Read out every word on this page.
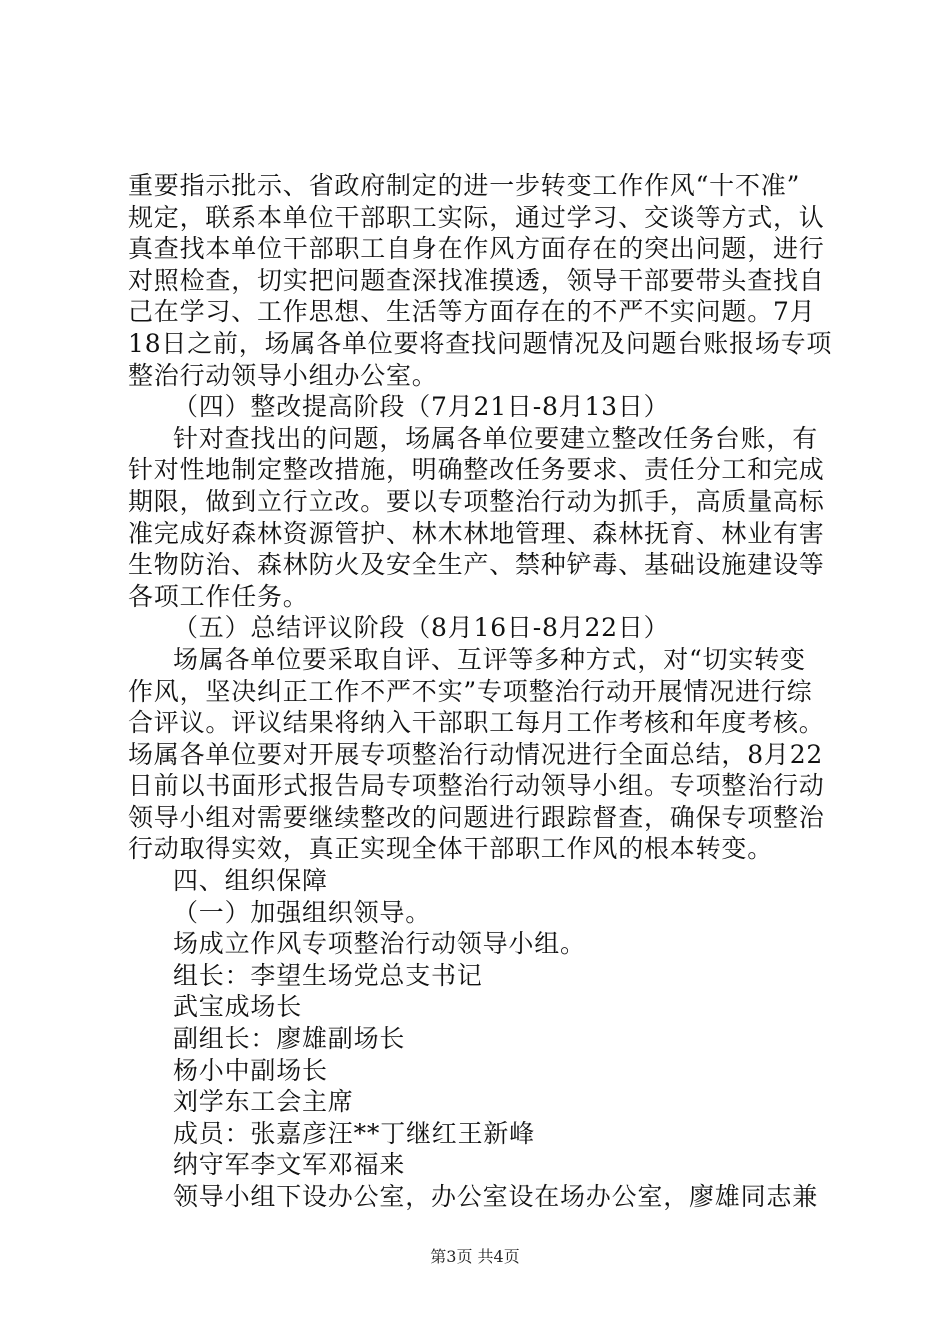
重要指示批示、省政府制定的进一步转变工作作风“十不准”
规定，联系本单位干部职工实际，通过学习、交谈等方式，认
真查找本单位干部职工自身在作风方面存在的突出问题，进行
对照检查，切实把问题查深找准摸透，领导干部要带头查找自
己在学习、工作思想、生活等方面存在的不严不实问题。7月
18日之前，场属各单位要将查找问题情况及问题台账报场专项
整治行动领导小组办公室。
（四）整改提高阶段（7月21日-8月13日）
针对查找出的问题，场属各单位要建立整改任务台账，有
针对性地制定整改措施，明确整改任务要求、责任分工和完成
期限，做到立行立改。要以专项整治行动为抓手，高质量高标
准完成好森林资源管护、林木林地管理、森林抚育、林业有害
生物防治、森林防火及安全生产、禁种铲毒、基础设施建设等
各项工作任务。
（五）总结评议阶段（8月16日-8月22日）
场属各单位要采取自评、互评等多种方式，对“切实转变
作风，坚决纠正工作不严不实”专项整治行动开展情况进行综
合评议。评议结果将纳入干部职工每月工作考核和年度考核。
场属各单位要对开展专项整治行动情况进行全面总结，8月22
日前以书面形式报告局专项整治行动领导小组。专项整治行动
领导小组对需要继续整改的问题进行跟踪督查，确保专项整治
行动取得实效，真正实现全体干部职工作风的根本转变。
四、组织保障
（一）加强组织领导。
场成立作风专项整治行动领导小组。
组长：李望生场党总支书记
武宝成场长
副组长：廖雄副场长
杨小中副场长
刘学东工会主席
成员：张嘉彦汪**丁继红王新峰
纳守军李文军邓福来
领导小组下设办公室，办公室设在场办公室，廖雄同志兼
第3页 共4页
